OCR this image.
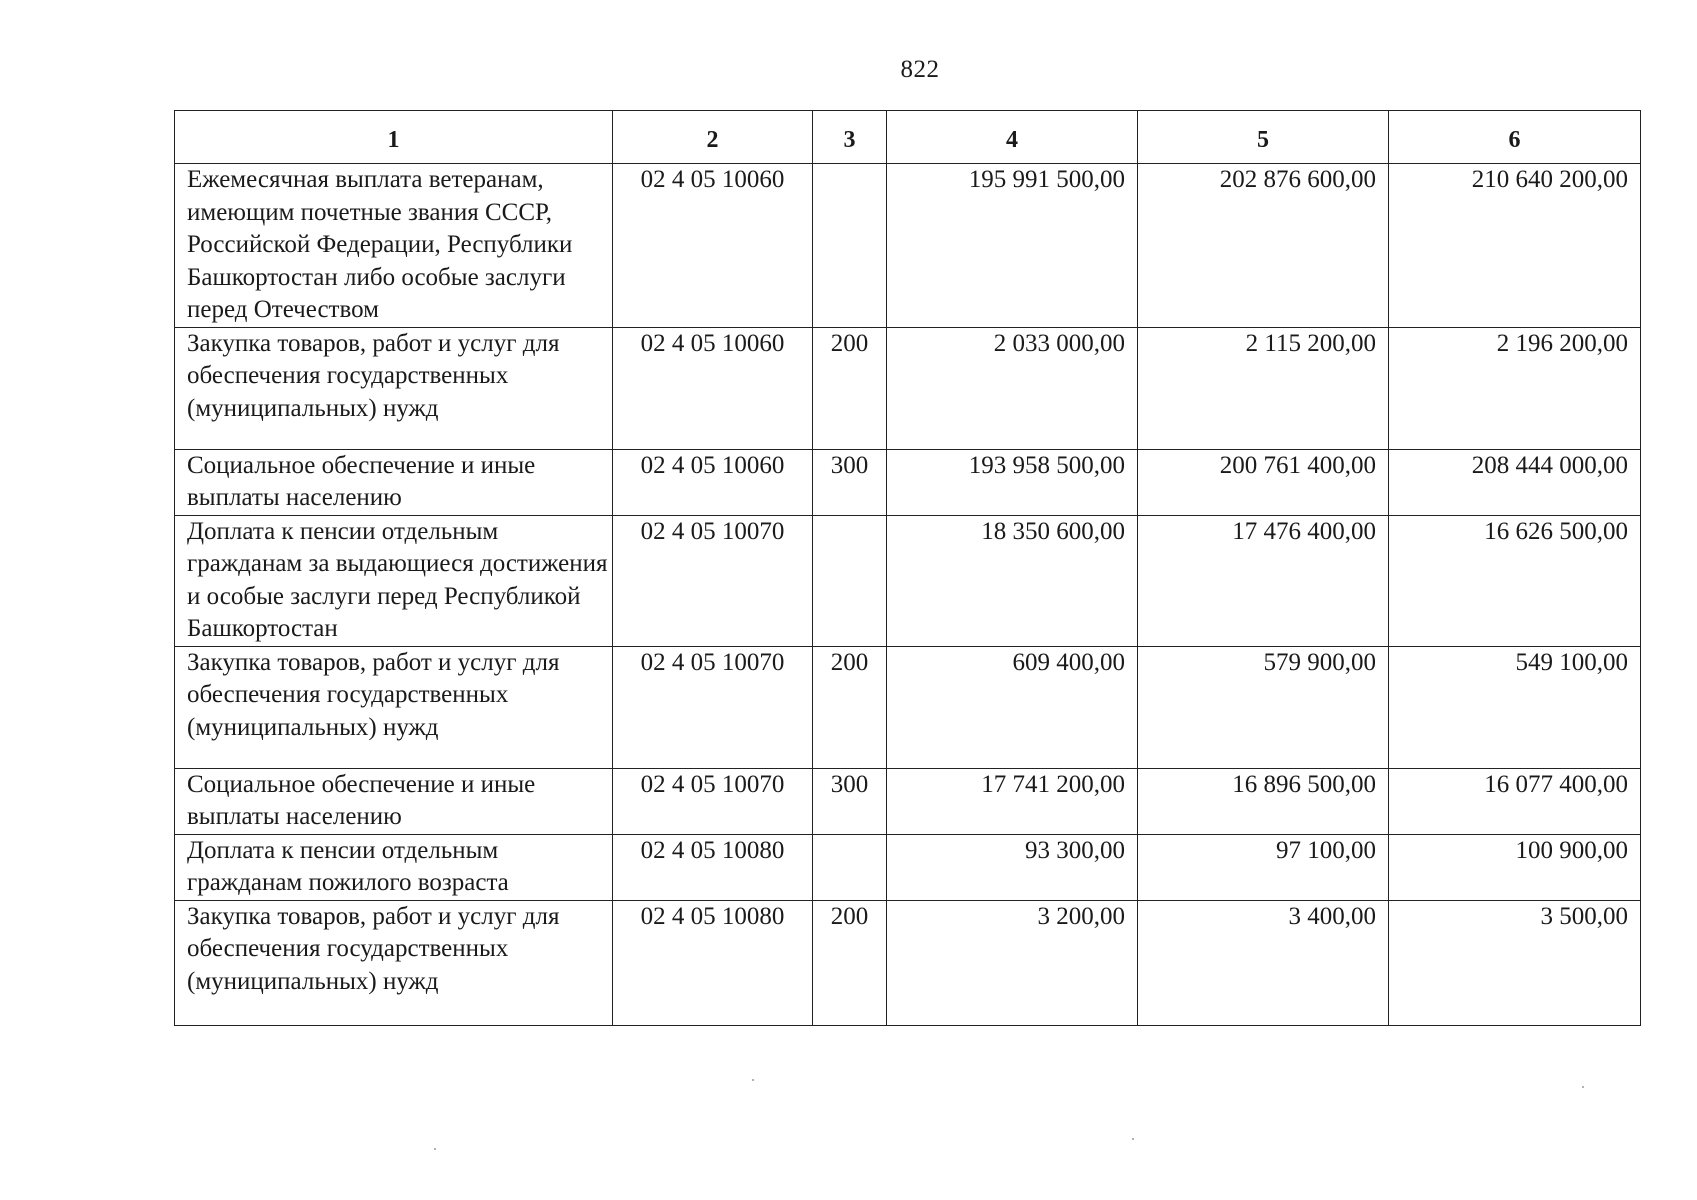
822
1	2	3	4	5	6
Ежемесячная выплата ветеранам, имеющим почетные звания СССР, Российской Федерации, Республики Башкортостан либо особые заслуги перед Отечеством	02 4 05 10060		195 991 500,00	202 876 600,00	210 640 200,00
Закупка товаров, работ и услуг для обеспечения государственных (муниципальных) нужд	02 4 05 10060	200	2 033 000,00	2 115 200,00	2 196 200,00
Социальное обеспечение и иные выплаты населению	02 4 05 10060	300	193 958 500,00	200 761 400,00	208 444 000,00
Доплата к пенсии отдельным гражданам за выдающиеся достижения и особые заслуги перед Республикой Башкортостан	02 4 05 10070		18 350 600,00	17 476 400,00	16 626 500,00
Закупка товаров, работ и услуг для обеспечения государственных (муниципальных) нужд	02 4 05 10070	200	609 400,00	579 900,00	549 100,00
Социальное обеспечение и иные выплаты населению	02 4 05 10070	300	17 741 200,00	16 896 500,00	16 077 400,00
Доплата к пенсии отдельным гражданам пожилого возраста	02 4 05 10080		93 300,00	97 100,00	100 900,00
Закупка товаров, работ и услуг для обеспечения государственных (муниципальных) нужд	02 4 05 10080	200	3 200,00	3 400,00	3 500,00
